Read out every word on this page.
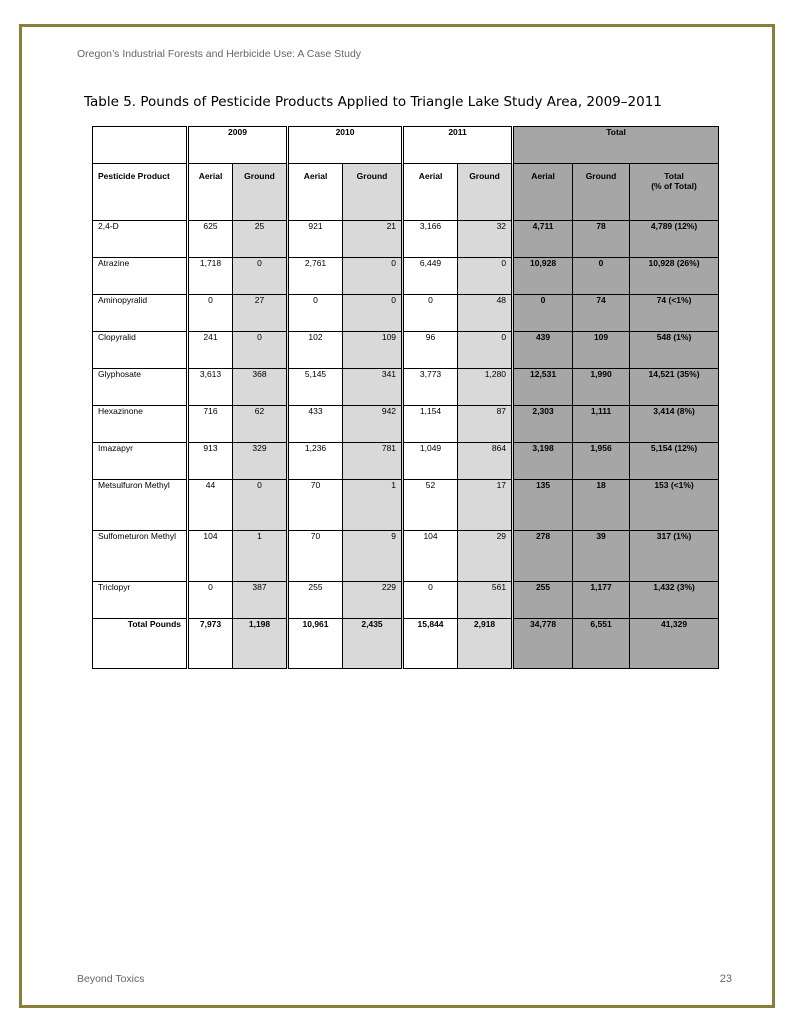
Oregon’s Industrial Forests and Herbicide Use: A Case Study
Table 5. Pounds of Pesticide Products Applied to Triangle Lake Study Area, 2009–2011
	2009		2010		2011		Total		
Pesticide Product	Aerial	Ground	Aerial	Ground	Aerial	Ground	Aerial	Ground	Total
(% of Total)
2,4-D	625	25	921	21	3,166	32	4,711	78	4,789 (12%)
Atrazine	1,718	0	2,761	0	6,449	0	10,928	0	10,928 (26%)
Aminopyralid	0	27	0	0	0	48	0	74	74 (<1%)
Clopyralid	241	0	102	109	96	0	439	109	548 (1%)
Glyphosate	3,613	368	5,145	341	3,773	1,280	12,531	1,990	14,521 (35%)
Hexazinone	716	62	433	942	1,154	87	2,303	1,111	3,414 (8%)
Imazapyr	913	329	1,236	781	1,049	864	3,198	1,956	5,154 (12%)
Metsulfuron Methyl	44	0	70	1	52	17	135	18	153 (<1%)
Sulfometuron Methyl	104	1	70	9	104	29	278	39	317 (1%)
Triclopyr	0	387	255	229	0	561	255	1,177	1,432 (3%)
Total Pounds	7,973	1,198	10,961	2,435	15,844	2,918	34,778	6,551	41,329
Beyond Toxics	23
